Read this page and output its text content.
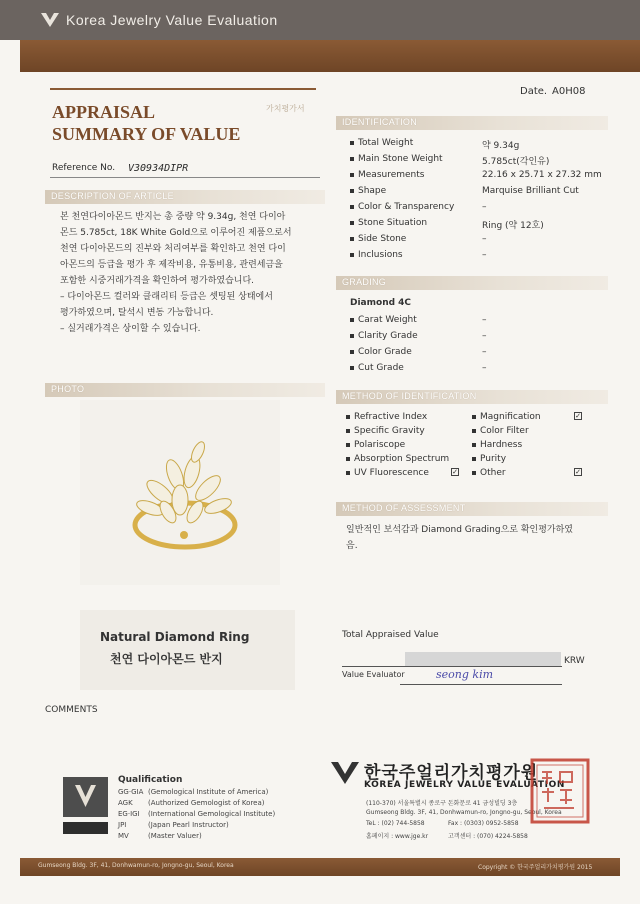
Korea Jewelry Value Evaluation
APPRAISAL
SUMMARY OF VALUE
가치평가서
Date. A0H08
Reference No. V30934DIPR
DESCRIPTION OF ARTICLE
본 천연다이아몬드 반지는 총 중량 약 9.34g, 천연 다이아
몬드 5.785ct, 18K White Gold으로 이루어진 제품으로서
천연 다이아몬드의 진부와 처리여부를 확인하고 천연 다이
아몬드의 등급을 평가 후 제작비용, 유통비용, 관련세금을
포함한 시중거래가격을 확인하여 평가하였습니다.
– 다이아몬드 컬러와 클래리티 등급은 셋팅된 상태에서
평가하였으며, 탈석시 변동 가능합니다.
– 실거래가격은 상이할 수 있습니다.
PHOTO
Natural Diamond Ring
천연 다이아몬드 반지
COMMENTS
IDENTIFICATION
Total Weight	약 9.34g
Main Stone Weight	5.785ct(각인유)
Measurements	22.16 x 25.71 x 27.32 mm
Shape	Marquise Brilliant Cut
Color & Transparency	–
Stone Situation	Ring (약 12호)
Side Stone	–
Inclusions	–
GRADING
Diamond 4C
Carat Weight	–
Clarity Grade	–
Color Grade	–
Cut Grade	–
METHOD OF IDENTIFICATION
Refractive Index
Specific Gravity
Polariscope
Absorption Spectrum
UV Fluorescence	✓
Magnification	✓
Color Filter
Hardness
Purity
Other	✓
METHOD OF ASSESSMENT
일반적인 보석감과 Diamond Grading으로 확인평가하였
음.
Total Appraised Value
KRW
Value Evaluator	seong kim
Qualification
GG·GIA (Gemological Institute of America)
AGK (Authorized Gemologist of Korea)
EG·IGI (International Gemological Institute)
JPI	(Japan Pearl Instructor)
MV	(Master Valuer)
한국주얼리가치평가원
KOREA JEWELRY VALUE EVALUATION
(110-370) 서울특별시 종로구 돈화문로 41 금성빌딩 3층
Gumseong Bldg. 3F, 41, Donhwamun-ro, Jongno-gu, Seoul, Korea
TeL : (02) 744-5858	Fax : (0303) 0952-5858
홈페이지 : www.jge.kr	고객센터 : (070) 4224-5858
Gumseong Bldg. 3F, 41, Donhwamun-ro, Jongno-gu, Seoul, Korea	Copyright © 한국주얼리가치평가원 2015
